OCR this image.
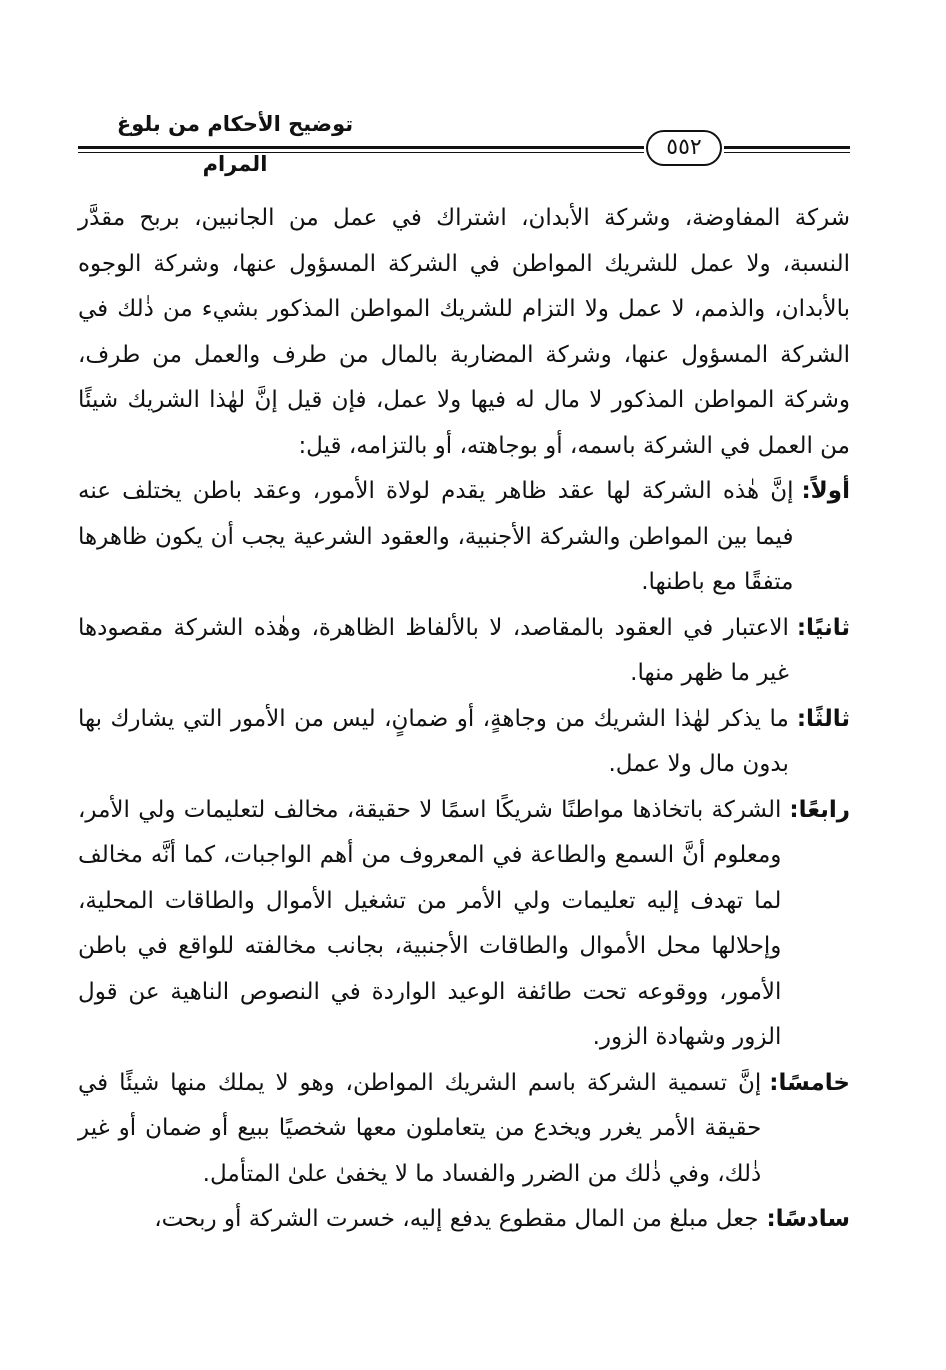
توضيح الأحكام من بلوغ المرام
٥٥٢

شركة المفاوضة، وشركة الأبدان، اشتراك في عمل من الجانبين، بربح مقدَّر النسبة، ولا عمل للشريك المواطن في الشركة المسؤول عنها، وشركة الوجوه بالأبدان، والذمم، لا عمل ولا التزام للشريك المواطن المذكور بشيء من ذٰلك في الشركة المسؤول عنها، وشركة المضاربة بالمال من طرف والعمل من طرف، وشركة المواطن المذكور لا مال له فيها ولا عمل، فإن قيل إنَّ لهٰذا الشريك شيئًا من العمل في الشركة باسمه، أو بوجاهته، أو بالتزامه، قيل:

أولاً:
إنَّ هٰذه الشركة لها عقد ظاهر يقدم لولاة الأمور، وعقد باطن يختلف عنه فيما بين المواطن والشركة الأجنبية، والعقود الشرعية يجب أن يكون ظاهرها متفقًا مع باطنها.
ثانيًا:
الاعتبار في العقود بالمقاصد، لا بالألفاظ الظاهرة، وهٰذه الشركة مقصودها غير ما ظهر منها.
ثالثًا:
ما يذكر لهٰذا الشريك من وجاهةٍ، أو ضمانٍ، ليس من الأمور التي يشارك بها بدون مال ولا عمل.
رابعًا:
الشركة باتخاذها مواطنًا شريكًا اسمًا لا حقيقة، مخالف لتعليمات ولي الأمر، ومعلوم أنَّ السمع والطاعة في المعروف من أهم الواجبات، كما أنَّه مخالف لما تهدف إليه تعليمات ولي الأمر من تشغيل الأموال والطاقات المحلية، وإحلالها محل الأموال والطاقات الأجنبية، بجانب مخالفته للواقع في باطن الأمور، ووقوعه تحت طائفة الوعيد الواردة في النصوص الناهية عن قول الزور وشهادة الزور.
خامسًا:
إنَّ تسمية الشركة باسم الشريك المواطن، وهو لا يملك منها شيئًا في حقيقة الأمر يغرر ويخدع من يتعاملون معها شخصيًا ببيع أو ضمان أو غير ذٰلك، وفي ذٰلك من الضرر والفساد ما لا يخفىٰ علىٰ المتأمل.
سادسًا:
جعل مبلغ من المال مقطوع يدفع إليه، خسرت الشركة أو ربحت،
